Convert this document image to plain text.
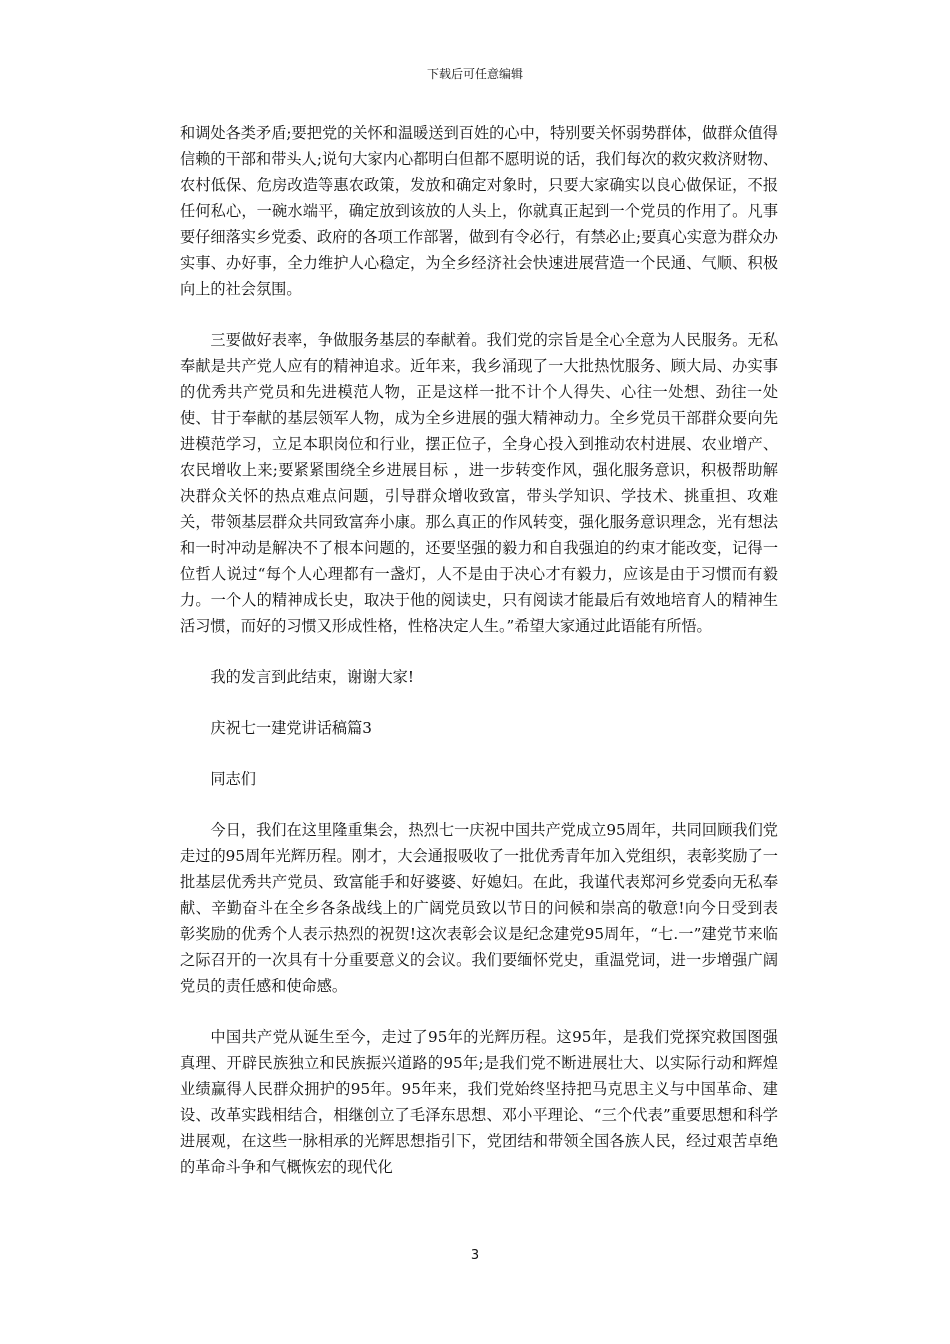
下载后可任意编辑

和调处各类矛盾;要把党的关怀和温暖送到百姓的心中，特别要关怀弱势群体，做群众值得信赖的干部和带头人;说句大家内心都明白但都不愿明说的话，我们每次的救灾救济财物、农村低保、危房改造等惠农政策，发放和确定对象时，只要大家确实以良心做保证，不报任何私心，一碗水端平，确定放到该放的人头上，你就真正起到一个党员的作用了。凡事要仔细落实乡党委、政府的各项工作部署，做到有令必行，有禁必止;要真心实意为群众办实事、办好事，全力维护人心稳定，为全乡经济社会快速进展营造一个民通、气顺、积极向上的社会氛围。

三要做好表率，争做服务基层的奉献着。我们党的宗旨是全心全意为人民服务。无私奉献是共产党人应有的精神追求。近年来，我乡涌现了一大批热忱服务、顾大局、办实事的优秀共产党员和先进模范人物，正是这样一批不计个人得失、心往一处想、劲往一处使、甘于奉献的基层领军人物，成为全乡进展的强大精神动力。全乡党员干部群众要向先进模范学习，立足本职岗位和行业，摆正位子，全身心投入到推动农村进展、农业增产、农民增收上来;要紧紧围绕全乡进展目标 ，进一步转变作风，强化服务意识，积极帮助解决群众关怀的热点难点问题，引导群众增收致富，带头学知识、学技术、挑重担、攻难关，带领基层群众共同致富奔小康。那么真正的作风转变，强化服务意识理念，光有想法和一时冲动是解决不了根本问题的，还要坚强的毅力和自我强迫的约束才能改变，记得一位哲人说过“每个人心理都有一盏灯，人不是由于决心才有毅力，应该是由于习惯而有毅力。一个人的精神成长史，取决于他的阅读史，只有阅读才能最后有效地培育人的精神生活习惯，而好的习惯又形成性格，性格决定人生。”希望大家通过此语能有所悟。

我的发言到此结束，谢谢大家!

庆祝七一建党讲话稿篇3

同志们

今日，我们在这里隆重集会，热烈七一庆祝中国共产党成立95周年，共同回顾我们党走过的95周年光辉历程。刚才，大会通报吸收了一批优秀青年加入党组织，表彰奖励了一批基层优秀共产党员、致富能手和好婆婆、好媳妇。在此，我谨代表郑河乡党委向无私奉献、辛勤奋斗在全乡各条战线上的广阔党员致以节日的问候和崇高的敬意!向今日受到表彰奖励的优秀个人表示热烈的祝贺!这次表彰会议是纪念建党95周年，“七.一”建党节来临之际召开的一次具有十分重要意义的会议。我们要缅怀党史，重温党词，进一步增强广阔党员的责任感和使命感。

中国共产党从诞生至今，走过了95年的光辉历程。这95年，是我们党探究救国图强真理、开辟民族独立和民族振兴道路的95年;是我们党不断进展壮大、以实际行动和辉煌业绩赢得人民群众拥护的95年。95年来，我们党始终坚持把马克思主义与中国革命、建设、改革实践相结合，相继创立了毛泽东思想、邓小平理论、“三个代表”重要思想和科学进展观，在这些一脉相承的光辉思想指引下，党团结和带领全国各族人民，经过艰苦卓绝的革命斗争和气概恢宏的现代化

3
